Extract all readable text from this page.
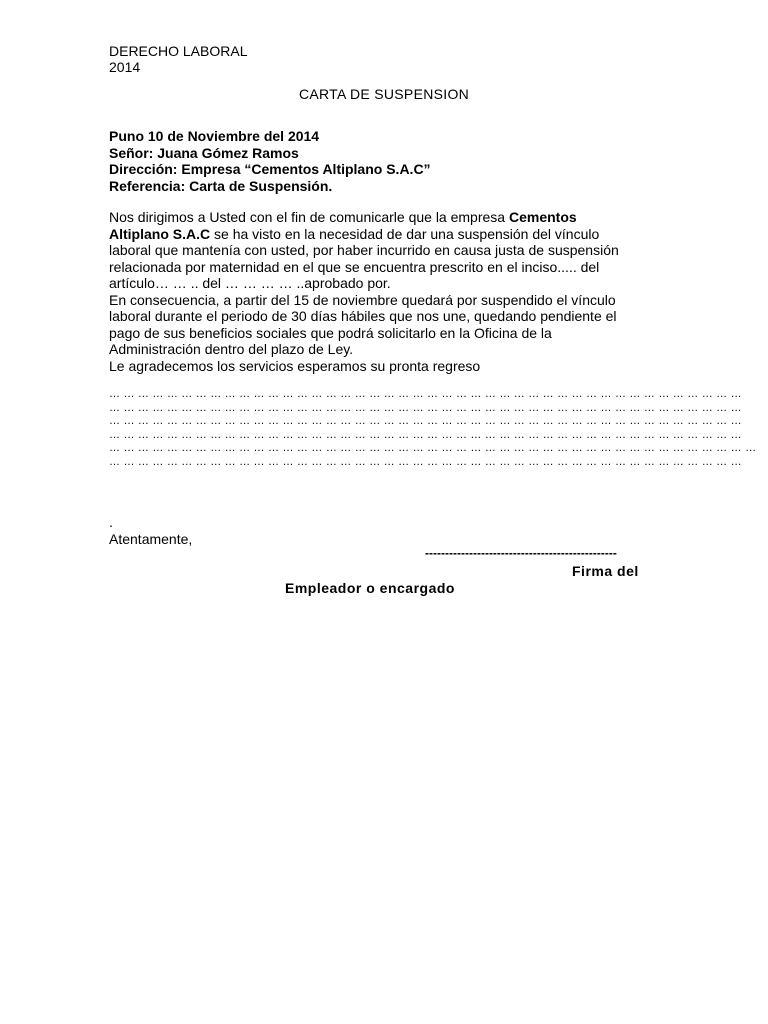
DERECHO LABORAL
2014
CARTA DE SUSPENSION
Puno 10 de Noviembre del 2014
Señor: Juana Gómez Ramos
Dirección: Empresa “Cementos Altiplano S.A.C”
Referencia: Carta de Suspensión.

Nos dirigimos a Usted con el fin de comunicarle que la empresa Cementos

Altiplano S.A.C se ha visto en la necesidad de dar una suspensión del vínculo

laboral que mantenía con usted, por haber incurrido en causa justa de suspensión

relacionada por maternidad en el que se encuentra prescrito en el inciso..... del

artículo… … .. del … … … … ..aprobado por.

En consecuencia, a partir del 15 de noviembre quedará por suspendido el vínculo

laboral durante el periodo de 30 días hábiles que nos une, quedando pendiente el

pago de sus beneficios sociales que podrá solicitarlo en la Oficina de la

Administración dentro del plazo de Ley.

Le agradecemos los servicios esperamos su pronta regreso

… … … … … … … … … … … … … … … … … … … … … … … … … … … … … … … … … … … … … … … … … … … …
… … … … … … … … … … … … … … … … … … … … … … … … … … … … … … … … … … … … … … … … … … … …
… … … … … … … … … … … … … … … … … … … … … … … … … … … … … … … … … … … … … … … … … … … …
… … … … … … … … … … … … … … … … … … … … … … … … … … … … … … … … … … … … … … … … … … … …
… … … … … … … … … … … … … … … … … … … … … … … … … … … … … … … … … … … … … … … … … … … … …
… … … … … … … … … … … … … … … … … … … … … … … … … … … … … … … … … … … … … … … … … … … …
.
Atentamente,
------------------------------------------------
Firma del
Empleador o encargado
